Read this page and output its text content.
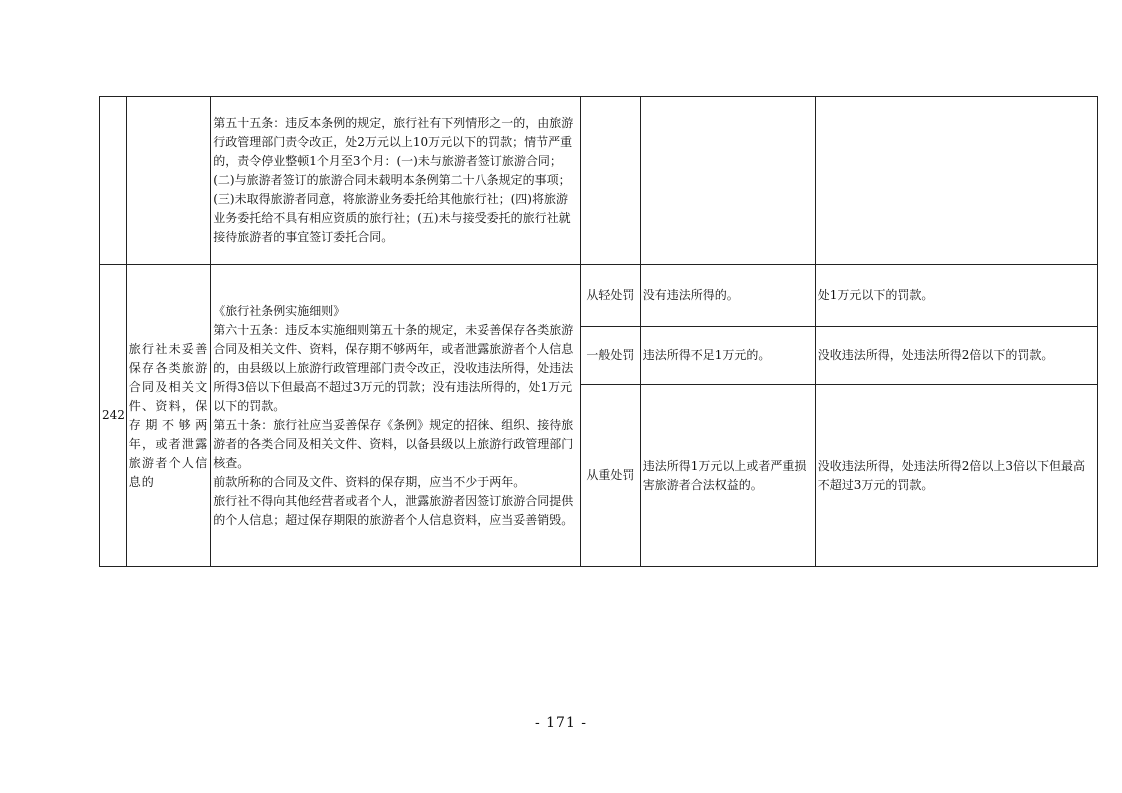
		第五十五条：违反本条例的规定，旅行社有下列情形之一的，由旅游行政管理部门责令改正，处2万元以上10万元以下的罚款；情节严重的，责令停业整顿1个月至3个月：(一)未与旅游者签订旅游合同；(二)与旅游者签订的旅游合同未载明本条例第二十八条规定的事项；(三)未取得旅游者同意，将旅游业务委托给其他旅行社；(四)将旅游业务委托给不具有相应资质的旅行社；(五)未与接受委托的旅行社就接待旅游者的事宜签订委托合同。			

242	旅行社未妥善保存各类旅游合同及相关文件、资料，保存期不够两年，或者泄露旅游者个人信息的	《旅行社条例实施细则》

第六十五条：违反本实施细则第五十条的规定，未妥善保存各类旅游合同及相关文件、资料，保存期不够两年，或者泄露旅游者个人信息的，由县级以上旅游行政管理部门责令改正，没收违法所得，处违法所得3倍以下但最高不超过3万元的罚款；没有违法所得的，处1万元以下的罚款。

第五十条：旅行社应当妥善保存《条例》规定的招徕、组织、接待旅游者的各类合同及相关文件、资料，以备县级以上旅游行政管理部门核查。

前款所称的合同及文件、资料的保存期，应当不少于两年。

旅行社不得向其他经营者或者个人，泄露旅游者因签订旅游合同提供的个人信息；超过保存期限的旅游者个人信息资料，应当妥善销毁。	从轻处罚	没有违法所得的。	处1万元以下的罚款。
			一般处罚	违法所得不足1万元的。	没收违法所得，处违法所得2倍以下的罚款。
			从重处罚	违法所得1万元以上或者严重损害旅游者合法权益的。	没收违法所得，处违法所得2倍以上3倍以下但最高不超过3万元的罚款。
- 171 -
